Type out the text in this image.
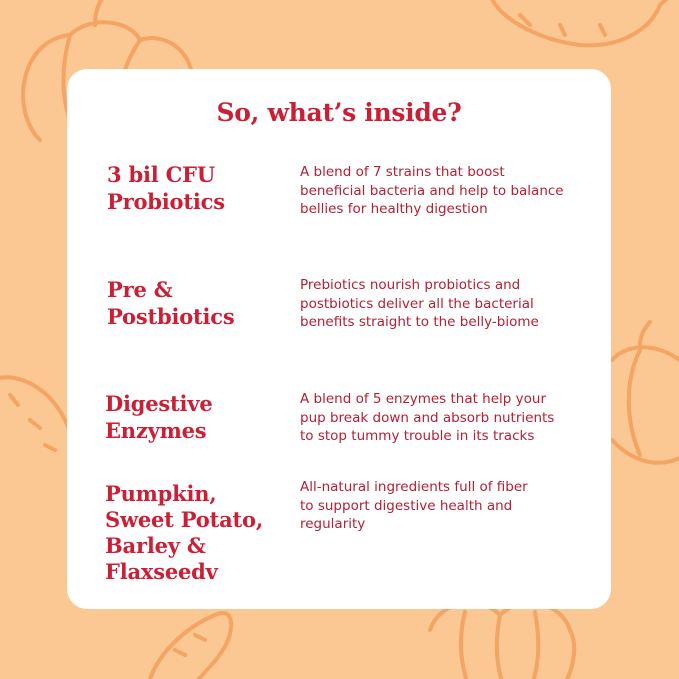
So, what’s inside?
3 bil CFU
Probiotics
A blend of 7 strains that boost
beneficial bacteria and help to balance
bellies for healthy digestion
Pre &
Postbiotics
Prebiotics nourish probiotics and
postbiotics deliver all the bacterial
benefits straight to the belly-biome
Digestive
Enzymes
A blend of 5 enzymes that help your
pup break down and absorb nutrients
to stop tummy trouble in its tracks
Pumpkin,
Sweet Potato,
Barley &
Flaxseedv
All-natural ingredients full of fiber
to support digestive health and
regularity
